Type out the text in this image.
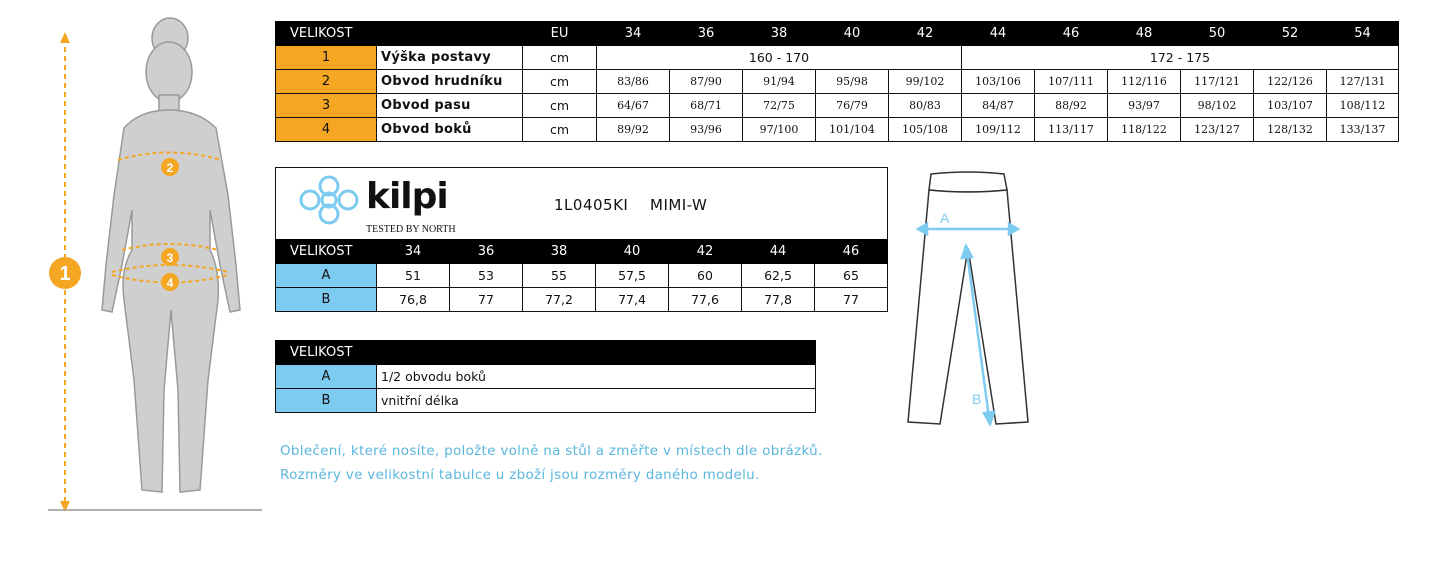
1
2
3
4
VELIKOST		EU	34	36	38	40	42	44	46	48	50	52	54
1	Výška postavy	cm	160 - 170					172 - 175					
2	Obvod hrudníku	cm	83/86	87/90	91/94	95/98	99/102	103/106	107/111	112/116	117/121	122/126	127/131
3	Obvod pasu	cm	64/67	68/71	72/75	76/79	80/83	84/87	88/92	93/97	98/102	103/107	108/112
4	Obvod boků	cm	89/92	93/96	97/100	101/104	105/108	109/112	113/117	118/122	123/127	128/132	133/137
kilpi
TESTED BY NORTH
1L0405KI MIMI-W							

VELIKOST	34	36	38	40	42	44	46
A	51	53	55	57,5	60	62,5	65
B	76,8	77	77,2	77,4	77,6	77,8	77
VELIKOST	
A	1/2 obvodu boků
B	vnitřní délka
Oblečení, které nosíte, položte volně na stůl a změřte v místech dle obrázků.
Rozměry ve velikostní tabulce u zboží jsou rozměry daného modelu.
A
B
